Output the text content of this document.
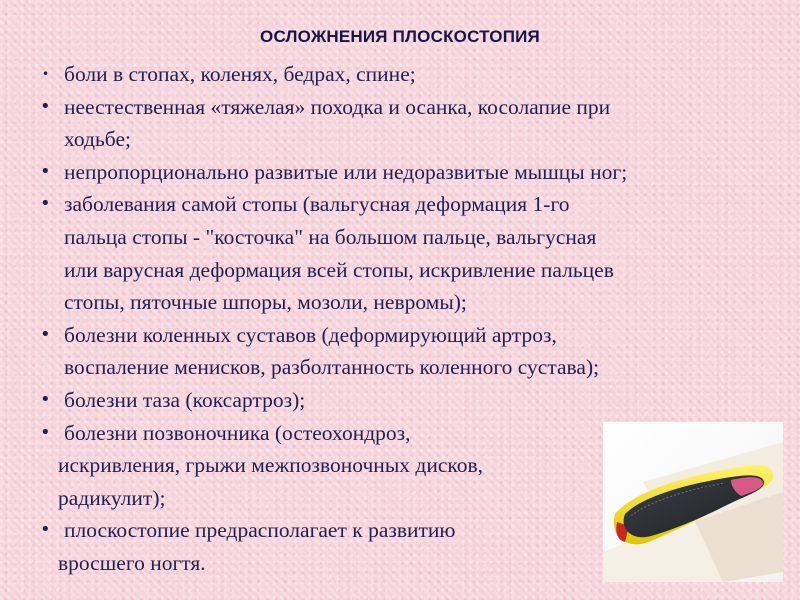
ОСЛОЖНЕНИЯ ПЛОСКОСТОПИЯ
• боли в стопах, коленях, бедрах, спине;
• неестественная «тяжелая» походка и осанка, косолапие при
ходьбе;
• непропорционально развитые или недоразвитые мышцы ног;
• заболевания самой стопы (вальгусная деформация 1-го
пальца стопы - "косточка" на большом пальце, вальгусная
или варусная деформация всей стопы, искривление пальцев
стопы, пяточные шпоры, мозоли, невромы);
• болезни коленных суставов (деформирующий артроз,
воспаление менисков, разболтанность коленного сустава);
• болезни таза (коксартроз);
• болезни позвоночника (остеохондроз,
искривления, грыжи межпозвоночных дисков,
радикулит);
• плоскостопие предрасполагает к развитию
вросшего ногтя.
